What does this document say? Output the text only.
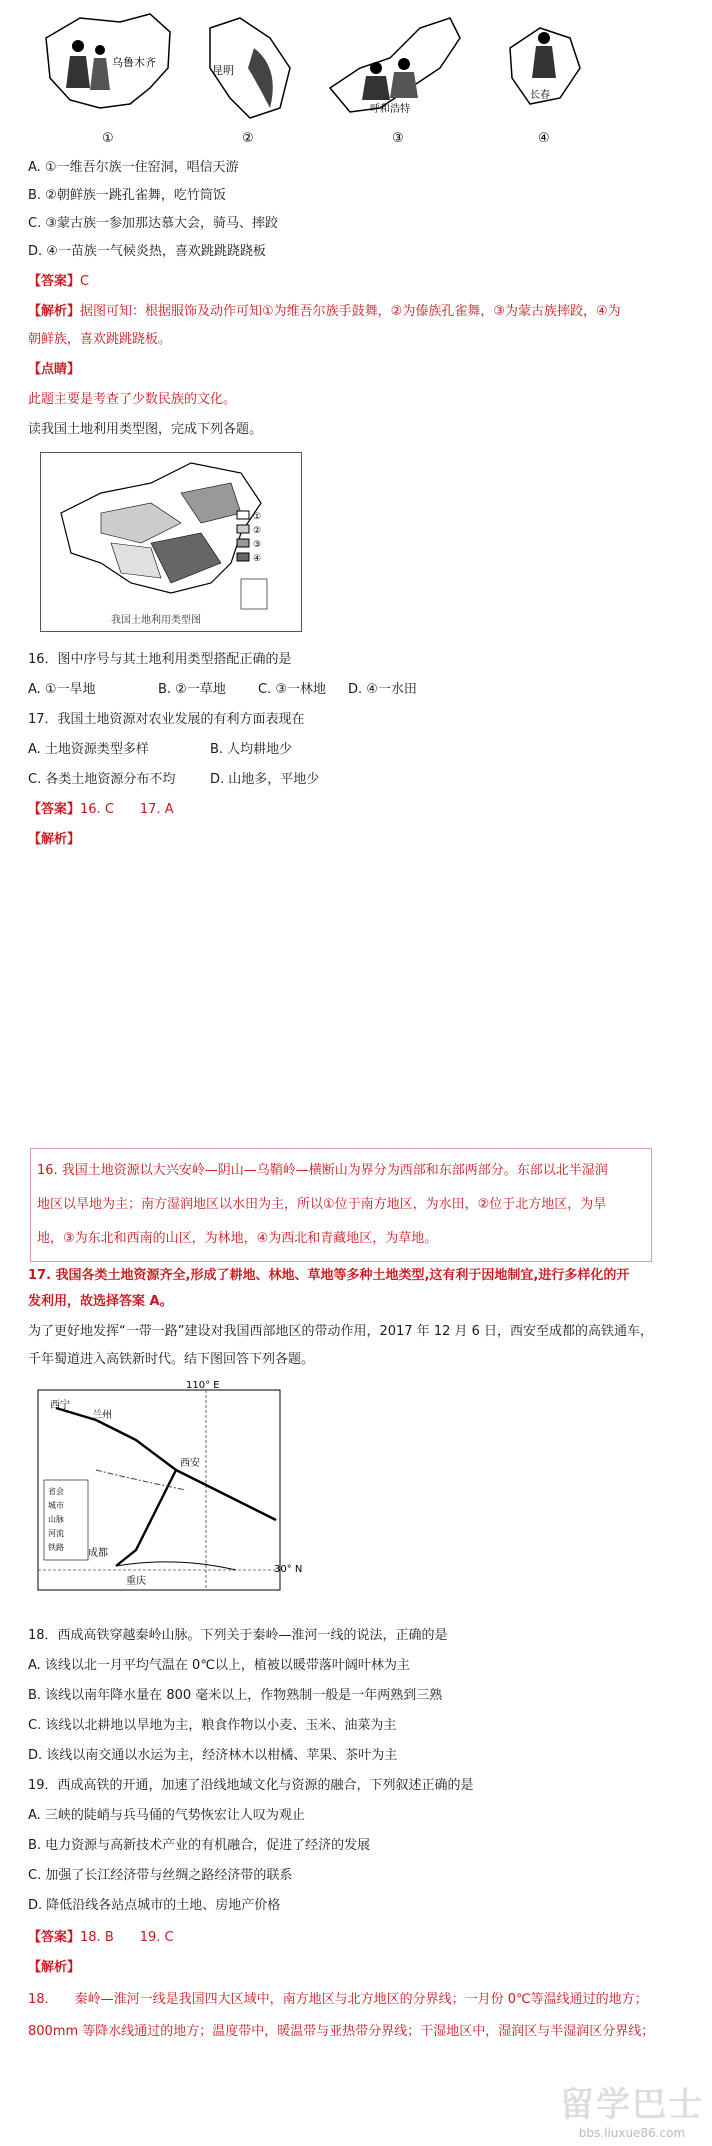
乌鲁木齐
①
昆明
②
呼和浩特
③
长春
④
A. ①一维吾尔族一住窑洞，唱信天游
B. ②朝鲜族一跳孔雀舞，吃竹筒饭
C. ③蒙古族一参加那达慕大会，骑马、摔跤
D. ④一苗族一气候炎热，喜欢跳跳跷跷板
【答案】C
【解析】据图可知：根据服饰及动作可知①为维吾尔族手鼓舞，②为傣族孔雀舞，③为蒙古族摔跤，④为
朝鲜族，喜欢跳跳跷板。
【点睛】
此题主要是考查了少数民族的文化。
读我国土地利用类型图，完成下列各题。
①
②
③
④
我国土地利用类型图
16．图中序号与其土地利用类型搭配正确的是
A. ①一旱地	B. ②一草地 C. ③一林地 D. ④一水田
17．我国土地资源对农业发展的有利方面表现在
A. 土地资源类型多样	B. 人均耕地少
C. 各类土地资源分布不均	D. 山地多，平地少
【答案】16. C　　17. A
【解析】
16. 我国土地资源以大兴安岭—阴山—乌鞘岭—横断山为界分为西部和东部两部分。东部以北半湿润
地区以旱地为主；南方湿润地区以水田为主，所以①位于南方地区，为水田，②位于北方地区，为旱
地，③为东北和西南的山区，为林地，④为西北和青藏地区，为草地。
17. 我国各类土地资源齐全,形成了耕地、林地、草地等多种土地类型,这有利于因地制宜,进行多样化的开
发利用，故选择答案 A。
为了更好地发挥“一带一路”建设对我国西部地区的带动作用，2017 年 12 月 6 日，西安至成都的高铁通车，
千年蜀道进入高铁新时代。结下图回答下列各题。
110° E
30° N
西宁
兰州
西安
成都
重庆
省会
城市
山脉
河流
铁路
18．西成高铁穿越秦岭山脉。下列关于秦岭—淮河一线的说法，正确的是
A. 该线以北一月平均气温在 0℃以上，植被以暖带落叶阔叶林为主
B. 该线以南年降水量在 800 毫米以上，作物熟制一般是一年两熟到三熟
C. 该线以北耕地以旱地为主，粮食作物以小麦、玉米、油菜为主
D. 该线以南交通以水运为主，经济林木以柑橘、苹果、茶叶为主
19．西成高铁的开通，加速了沿线地域文化与资源的融合，下列叙述正确的是
A. 三峡的陡峭与兵马俑的气势恢宏让人叹为观止
B. 电力资源与高新技术产业的有机融合，促进了经济的发展
C. 加强了长江经济带与丝绸之路经济带的联系
D. 降低沿线各站点城市的土地、房地产价格
【答案】18. B　　19. C
【解析】
18.　　秦岭—淮河一线是我国四大区域中，南方地区与北方地区的分界线；一月份 0℃等温线通过的地方；
800mm 等降水线通过的地方；温度带中，暖温带与亚热带分界线；干湿地区中，湿润区与半湿润区分界线；
留学巴士
bbs.liuxue86.com
